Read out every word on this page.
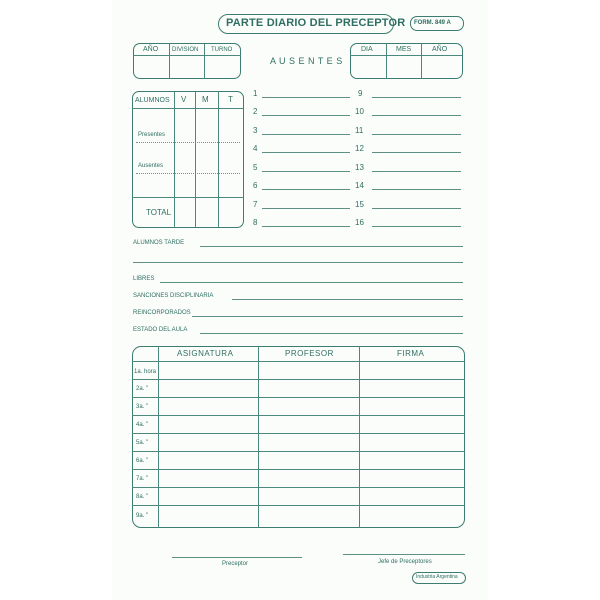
PARTE DIARIO DEL PRECEPTOR FORM. 849 A
AÑO DIVISION TURNO
A U S E N T E S
DIA	MES	AÑO
ALUMNOS V M T
Presentes
Ausentes
TOTAL
1
2
3
4
5
6
7
8
9
10
11
12
13
14
15
16
ALUMNOS TARDE
LIBRES
SANCIONES DISCIPLINARIA
REINCORPORADOS
ESTADO DEL AULA
ASIGNATURA	PROFESOR	FIRMA
1a. hora
2a. "
3a. "
4a. "
5a. "
6a. "
7a. "
8a. "
9a. "
Preceptor	Jefe de Preceptores
Industria Argentina
